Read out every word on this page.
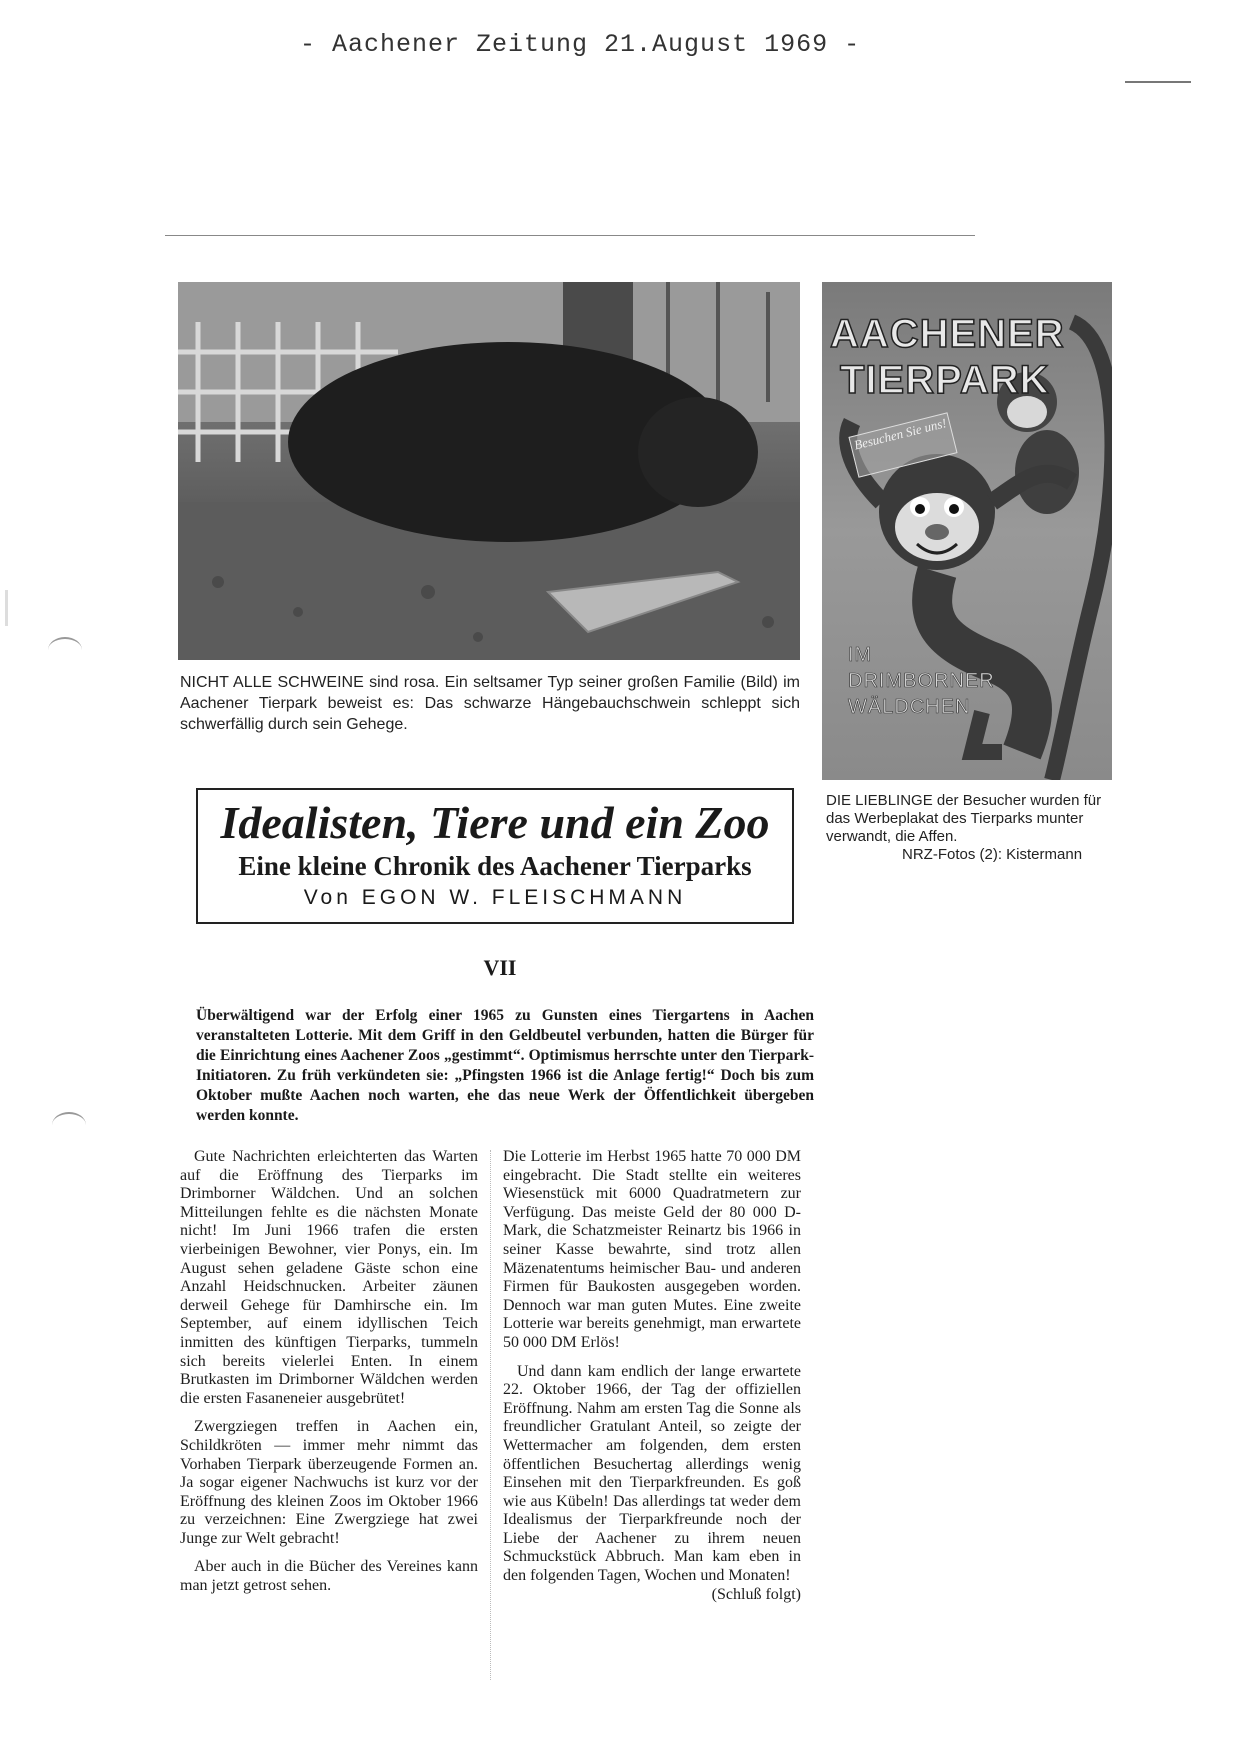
- Aachener Zeitung 21.August 1969 -
NICHT ALLE SCHWEINE sind rosa. Ein seltsamer Typ seiner großen Familie (Bild) im Aachener Tierpark beweist es: Das schwarze Hängebauchschwein schleppt sich schwerfällig durch sein Gehege.
AACHENER
TIERPARK
Besuchen Sie uns!
IM
DRIMBORNER
WÄLDCHEN
DIE LIEBLINGE der Besucher wurden für das Werbeplakat des Tierparks munter verwandt, die Affen.
NRZ-Fotos (2): Kistermann
Idealisten, Tiere und ein Zoo
Eine kleine Chronik des Aachener Tierparks
Von EGON W. FLEISCHMANN
VII
Überwältigend war der Erfolg einer 1965 zu Gunsten eines Tiergartens in Aachen veranstalteten Lotterie. Mit dem Griff in den Geldbeutel verbunden, hatten die Bürger für die Einrichtung eines Aachener Zoos „gestimmt“. Optimismus herrschte unter den Tierpark-Initiatoren. Zu früh verkündeten sie: „Pfingsten 1966 ist die Anlage fertig!“ Doch bis zum Oktober mußte Aachen noch warten, ehe das neue Werk der Öffentlichkeit übergeben werden konnte.

Gute Nachrichten erleichterten das Warten auf die Eröffnung des Tierparks im Drimborner Wäldchen. Und an solchen Mitteilungen fehlte es die nächsten Monate nicht! Im Juni 1966 trafen die ersten vierbeinigen Bewohner, vier Ponys, ein. Im August sehen geladene Gäste schon eine Anzahl Heidschnucken. Arbeiter zäunen derweil Gehege für Damhirsche ein. Im September, auf einem idyllischen Teich inmitten des künftigen Tierparks, tummeln sich bereits vielerlei Enten. In einem Brutkasten im Drimborner Wäldchen werden die ersten Fasaneneier ausgebrütet!

Zwergziegen treffen in Aachen ein, Schildkröten — immer mehr nimmt das Vorhaben Tierpark überzeugende Formen an. Ja sogar eigener Nachwuchs ist kurz vor der Eröffnung des kleinen Zoos im Oktober 1966 zu verzeichnen: Eine Zwergziege hat zwei Junge zur Welt gebracht!

Aber auch in die Bücher des Vereines kann man jetzt getrost sehen.

Die Lotterie im Herbst 1965 hatte 70 000 DM eingebracht. Die Stadt stellte ein weiteres Wiesenstück mit 6000 Quadratmetern zur Verfügung. Das meiste Geld der 80 000 D-Mark, die Schatzmeister Reinartz bis 1966 in seiner Kasse bewahrte, sind trotz allen Mäzenatentums heimischer Bau- und anderen Firmen für Baukosten ausgegeben worden. Dennoch war man guten Mutes. Eine zweite Lotterie war bereits genehmigt, man erwartete 50 000 DM Erlös!

Und dann kam endlich der lange erwartete 22. Oktober 1966, der Tag der offiziellen Eröffnung. Nahm am ersten Tag die Sonne als freundlicher Gratulant Anteil, so zeigte der Wettermacher am folgenden, dem ersten öffentlichen Besuchertag allerdings wenig Einsehen mit den Tierparkfreunden. Es goß wie aus Kübeln! Das allerdings tat weder dem Idealismus der Tierparkfreunde noch der Liebe der Aachener zu ihrem neuen Schmuckstück Abbruch. Man kam eben in den folgenden Tagen, Wochen und Monaten!
(Schluß folgt)
